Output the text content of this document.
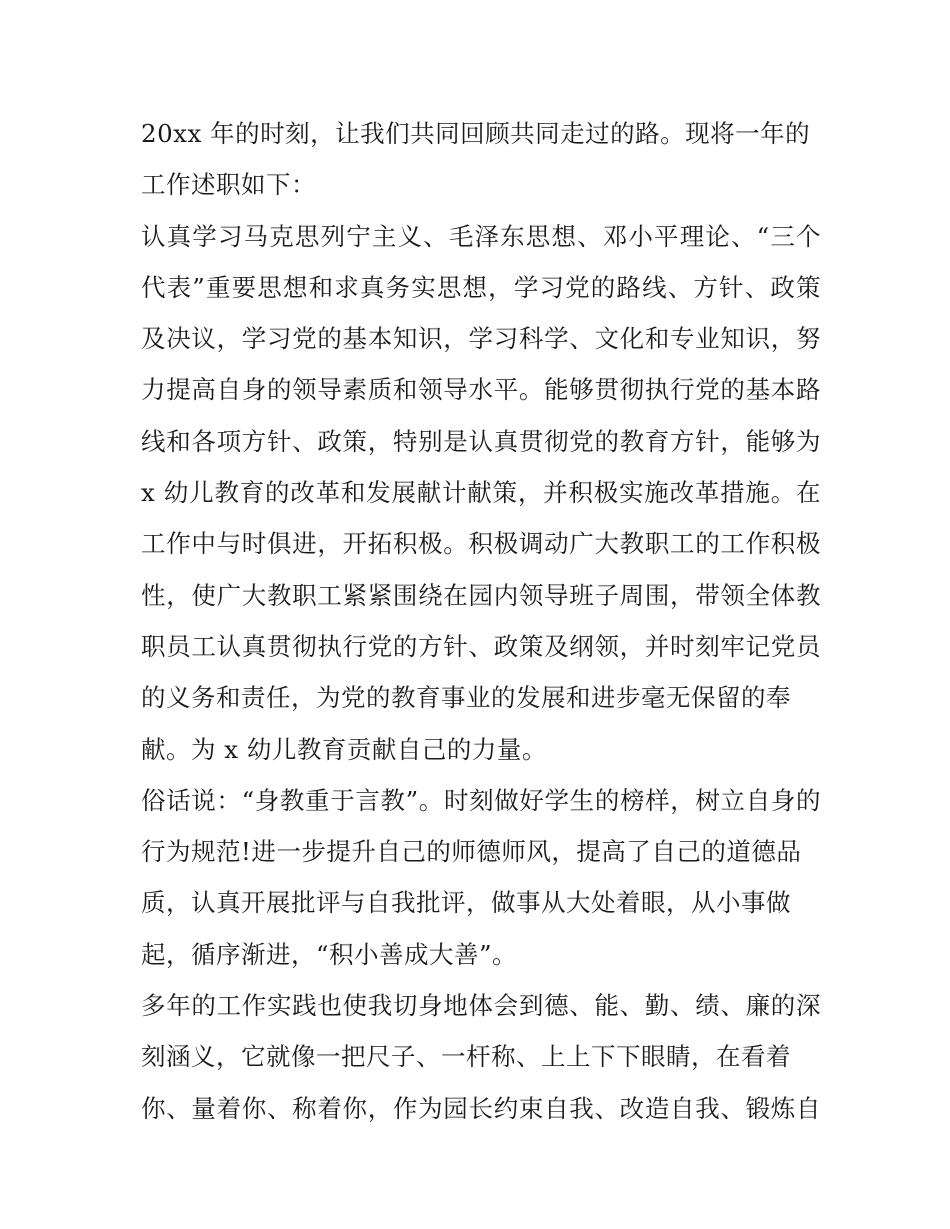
20xx 年的时刻，让我们共同回顾共同走过的路。现将一年的
工作述职如下：
认真学习马克思列宁主义、毛泽东思想、邓小平理论、“三个
代表”重要思想和求真务实思想，学习党的路线、方针、政策
及决议，学习党的基本知识，学习科学、文化和专业知识，努
力提高自身的领导素质和领导水平。能够贯彻执行党的基本路
线和各项方针、政策，特别是认真贯彻党的教育方针，能够为
x 幼儿教育的改革和发展献计献策，并积极实施改革措施。在
工作中与时俱进，开拓积极。积极调动广大教职工的工作积极
性，使广大教职工紧紧围绕在园内领导班子周围，带领全体教
职员工认真贯彻执行党的方针、政策及纲领，并时刻牢记党员
的义务和责任，为党的教育事业的发展和进步毫无保留的奉
献。为 x 幼儿教育贡献自己的力量。
俗话说：“身教重于言教”。时刻做好学生的榜样，树立自身的
行为规范!进一步提升自己的师德师风，提高了自己的道德品
质，认真开展批评与自我批评，做事从大处着眼，从小事做
起，循序渐进，“积小善成大善”。
多年的工作实践也使我切身地体会到德、能、勤、绩、廉的深
刻涵义，它就像一把尺子、一杆称、上上下下眼睛，在看着
你、量着你、称着你，作为园长约束自我、改造自我、锻炼自
